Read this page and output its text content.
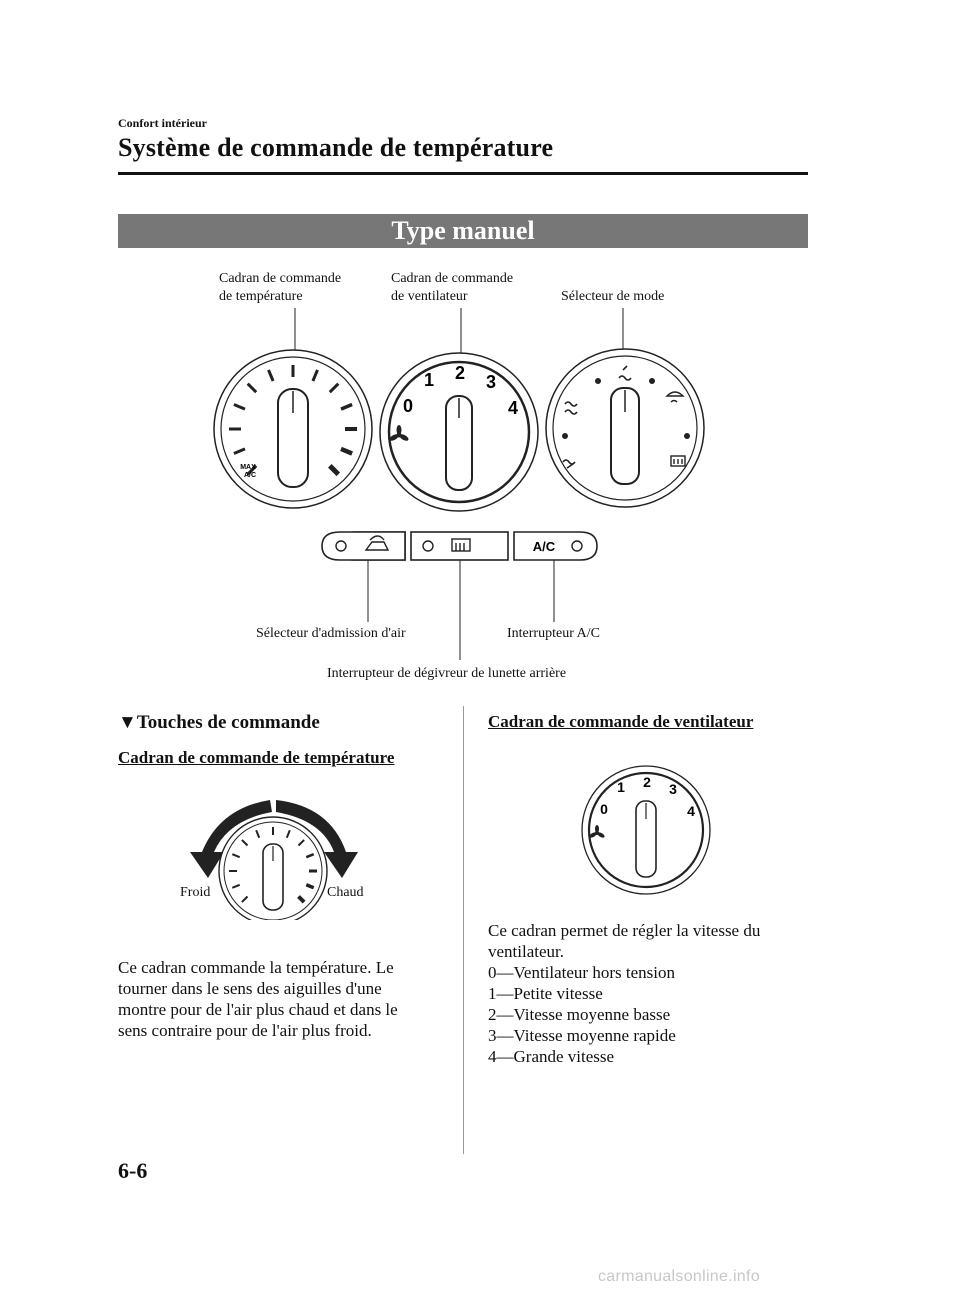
Confort intérieur
Système de commande de température
Type manuel
Cadran de commande
de température
Cadran de commande
de ventilateur	Sélecteur de mode
MAX
A/C
0
1 2 3
4
A/C
Sélecteur d'admission d'air	Interrupteur A/C
Interrupteur de dégivreur de lunette arrière
▼Touches de commande
Cadran de commande de température
Froid	Chaud
Ce cadran commande la température. Le
tourner dans le sens des aiguilles d'une
montre pour de l'air plus chaud et dans le
sens contraire pour de l'air plus froid.
Cadran de commande de ventilateur
0
1 2 3
4
Ce cadran permet de régler la vitesse du
ventilateur.
0―Ventilateur hors tension
1―Petite vitesse
2―Vitesse moyenne basse
3―Vitesse moyenne rapide
4―Grande vitesse
6-6
carmanualsonline.info
